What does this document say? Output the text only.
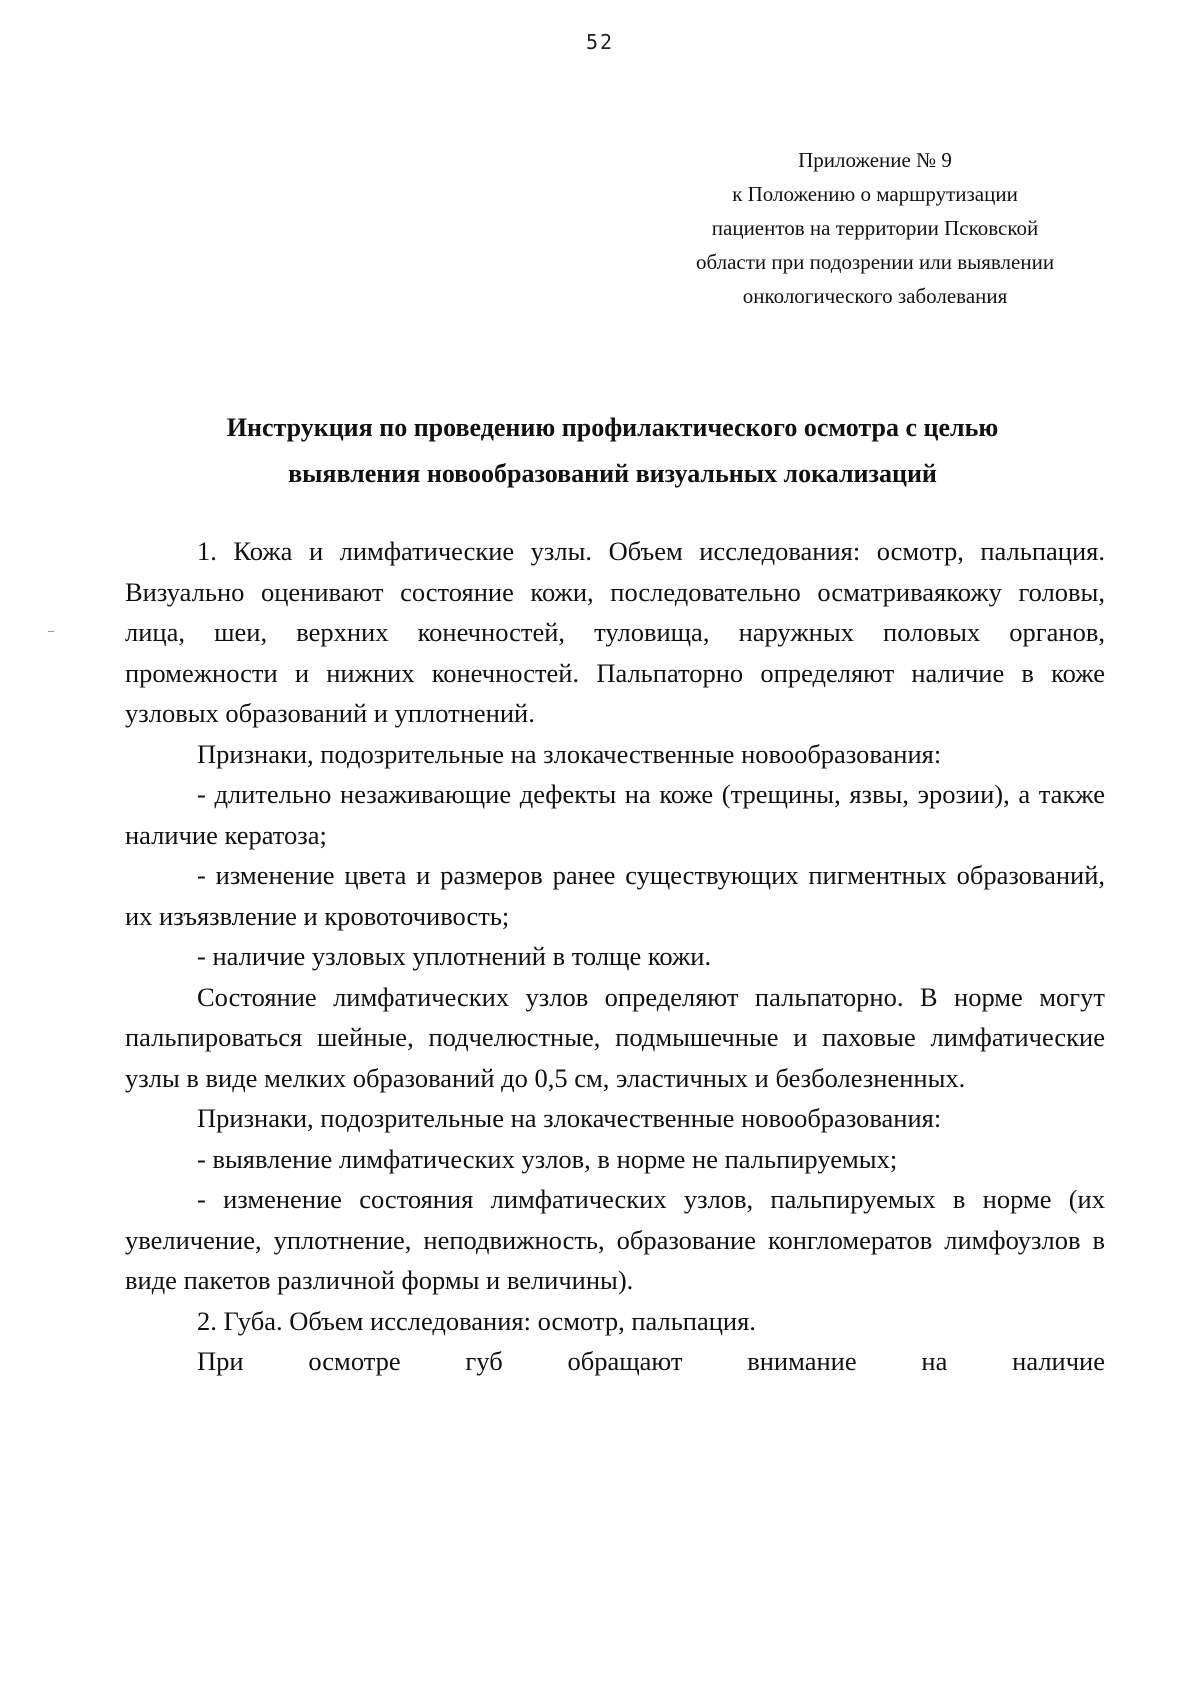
52
Приложение № 9
к Положению о маршрутизации
пациентов на территории Псковской
области при подозрении или выявлении
онкологического заболевания
Инструкция по проведению профилактического осмотра с целью
выявления новообразований визуальных локализаций

1. Кожа и лимфатические узлы. Объем исследования: осмотр, пальпация. Визуально оценивают состояние кожи, последовательно осматриваякожу головы, лица, шеи, верхних конечностей, туловища, наружных половых органов, промежности и нижних конечностей. Пальпаторно определяют наличие в коже узловых образований и уплотнений.

Признаки, подозрительные на злокачественные новообразования:

- длительно незаживающие дефекты на коже (трещины, язвы, эрозии), а также наличие кератоза;

- изменение цвета и размеров ранее существующих пигментных образований, их изъязвление и кровоточивость;

- наличие узловых уплотнений в толще кожи.

Состояние лимфатических узлов определяют пальпаторно. В норме могут пальпироваться шейные, подчелюстные, подмышечные и паховые лимфатические узлы в виде мелких образований до 0,5 см, эластичных и безболезненных.

Признаки, подозрительные на злокачественные новообразования:

- выявление лимфатических узлов, в норме не пальпируемых;

- изменение состояния лимфатических узлов, пальпируемых в норме (их увеличение, уплотнение, неподвижность, образование конгломератов лимфоузлов в виде пакетов различной формы и величины).

2. Губа. Объем исследования: осмотр, пальпация.

При осмотре губ обращают внимание на наличие
